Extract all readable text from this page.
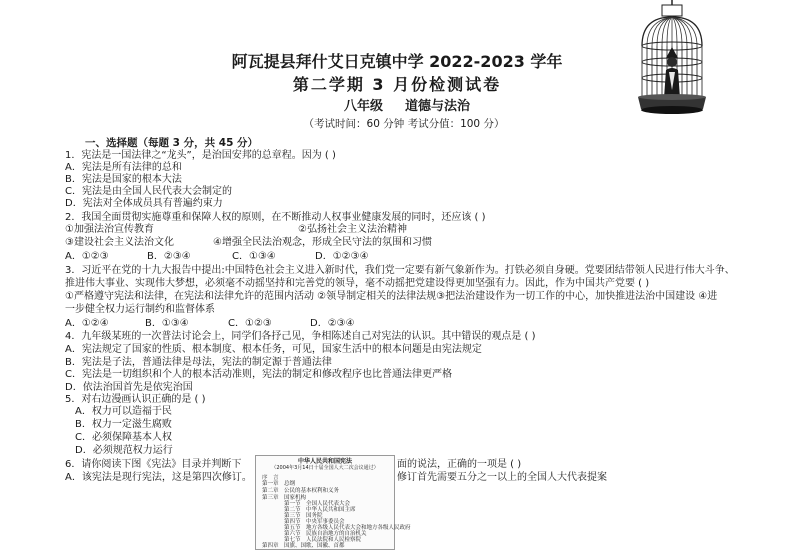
阿瓦提县拜什艾日克镇中学 2022-2023 学年
第二学期 3 月份检测试卷
八年级 道德与法治
（考试时间：60 分钟 考试分值：100 分）
一、选择题（每题 3 分，共 45 分）
1．宪法是一国法律之“龙头”，是治国安邦的总章程。因为 ( )
A．宪法是所有法律的总和
B．宪法是国家的根本大法
C．宪法是由全国人民代表大会制定的
D．宪法对全体成员具有普遍约束力
2．我国全面贯彻实施尊重和保障人权的原则，在不断推动人权事业健康发展的同时，还应该 ( )
①加强法治宣传教育	②弘扬社会主义法治精神
③建设社会主义法治文化	④增强全民法治观念，形成全民守法的氛围和习惯
A．①②③	B．②③④	C．①③④	D．①②③④
3．习近平在党的十九大报告中提出:中国特色社会主义进入新时代，我们党一定要有新气象新作为。打铁必须自身硬。党要团结带领人民进行伟大斗争、
推进伟大事业、实现伟大梦想，必须毫不动摇坚持和完善党的领导，毫不动摇把党建设得更加坚强有力。因此，作为中国共产党要 ( )
①严格遵守宪法和法律，在宪法和法律允许的范围内活动 ②领导制定相关的法律法规③把法治建设作为一切工作的中心，加快推进法治中国建设 ④进
一步健全权力运行制约和监督体系
A．①②④	B．①③④	C．①②③	D．②③④
4．九年级某班的一次普法讨论会上，同学们各抒己见，争相陈述自己对宪法的认识。其中错误的观点是 ( )
A．宪法规定了国家的性质、根本制度、根本任务，可见，国家生活中的根本问题是由宪法规定
B．宪法是子法，普通法律是母法，宪法的制定源于普通法律
C．宪法是一切组织和个人的根本活动准则，宪法的制定和修改程序也比普通法律更严格
D．依法治国首先是依宪治国
5．对右边漫画认识正确的是 ( )
A．权力可以造福于民
B．权力一定滋生腐败
C．必须保障基本人权
D．必须规范权力运行
6．请你阅读下图《宪法》目录并判断下	面的说法，正确的一项是 ( )
A．该宪法是现行宪法，这是第四次修订。	修订首先需要五分之一以上的全国人大代表提案
中华人民共和国宪法
（2004年3月14日十届全国人大二次会议通过）
序　言
第一章　总纲
第二章　公民的基本权利和义务
第三章　国家机构
第一节　全国人民代表大会
第二节　中华人民共和国主席
第三节　国务院
第四节　中央军事委员会
第五节　地方各级人民代表大会和地方各级人民政府
第六节　民族自治地方的自治机关
第七节　人民法院和人民检察院
第四章　国旗、国歌、国徽、首都
